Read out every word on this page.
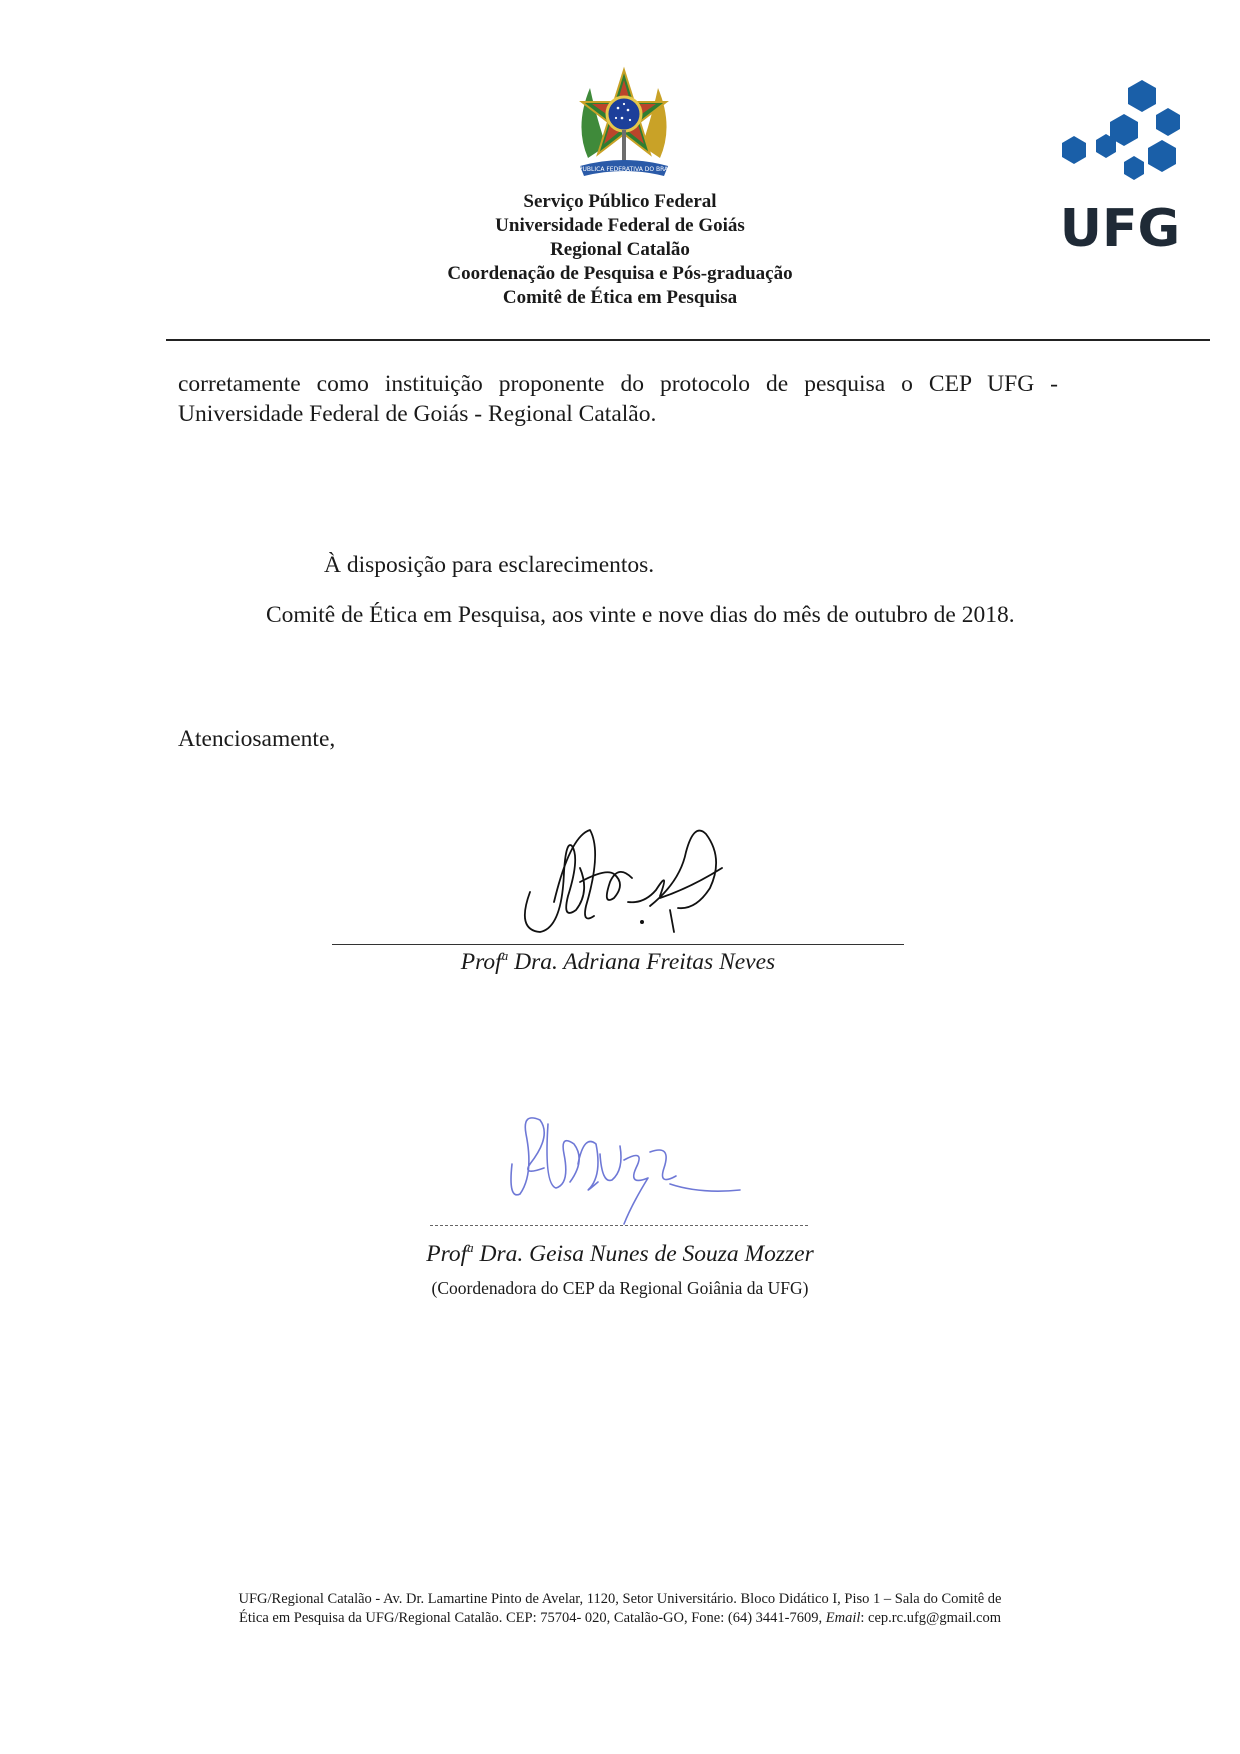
REPUBLICA FEDERATIVA DO BRASIL
UFG
Serviço Público Federal
Universidade Federal de Goiás
Regional Catalão
Coordenação de Pesquisa e Pós-graduação
Comitê de Ética em Pesquisa
corretamente como instituição proponente do protocolo de pesquisa o CEP UFG - Universidade Federal de Goiás - Regional Catalão.
À disposição para esclarecimentos.
Comitê de Ética em Pesquisa, aos vinte e nove dias do mês de outubro de 2018.
Atenciosamente,
Prof$^a$ Dra. Adriana Freitas Neves
Prof$^a$ Dra. Geisa Nunes de Souza Mozzer
(Coordenadora do CEP da Regional Goiânia da UFG)
UFG/Regional Catalão - Av. Dr. Lamartine Pinto de Avelar, 1120, Setor Universitário. Bloco Didático I, Piso 1 – Sala do Comitê de
Ética em Pesquisa da UFG/Regional Catalão. CEP: 75704- 020, Catalão-GO, Fone: (64) 3441-7609, Email: cep.rc.ufg@gmail.com
